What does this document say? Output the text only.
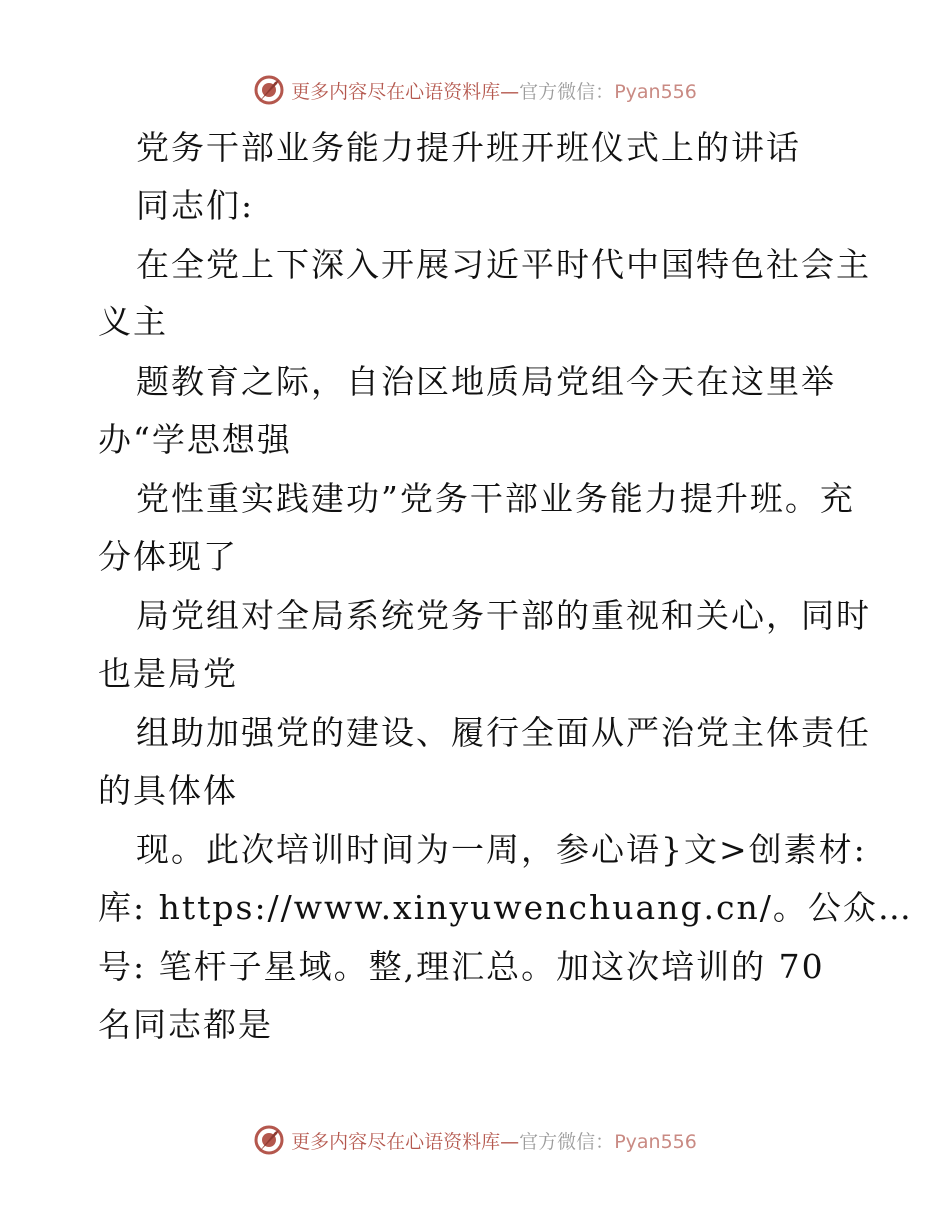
更多内容尽在心语资料库—官方微信：Pyan556
党务干部业务能力提升班开班仪式上的讲话
同志们:
在全党上下深入开展习近平时代中国特色社会主
义主
题教育之际，自治区地质局党组今天在这里举
办“学思想强
党性重实践建功”党务干部业务能力提升班。充
分体现了
局党组对全局系统党务干部的重视和关心，同时
也是局党
组助加强党的建设、履行全面从严治党主体责任
的具体体
现。此次培训时间为一周，参心语}文>创素材:
库: https://www.xinyuwenchuang.cn/。公众…
号: 笔杆子星域。整,理汇总。加这次培训的 70
名同志都是
更多内容尽在心语资料库—官方微信：Pyan556
